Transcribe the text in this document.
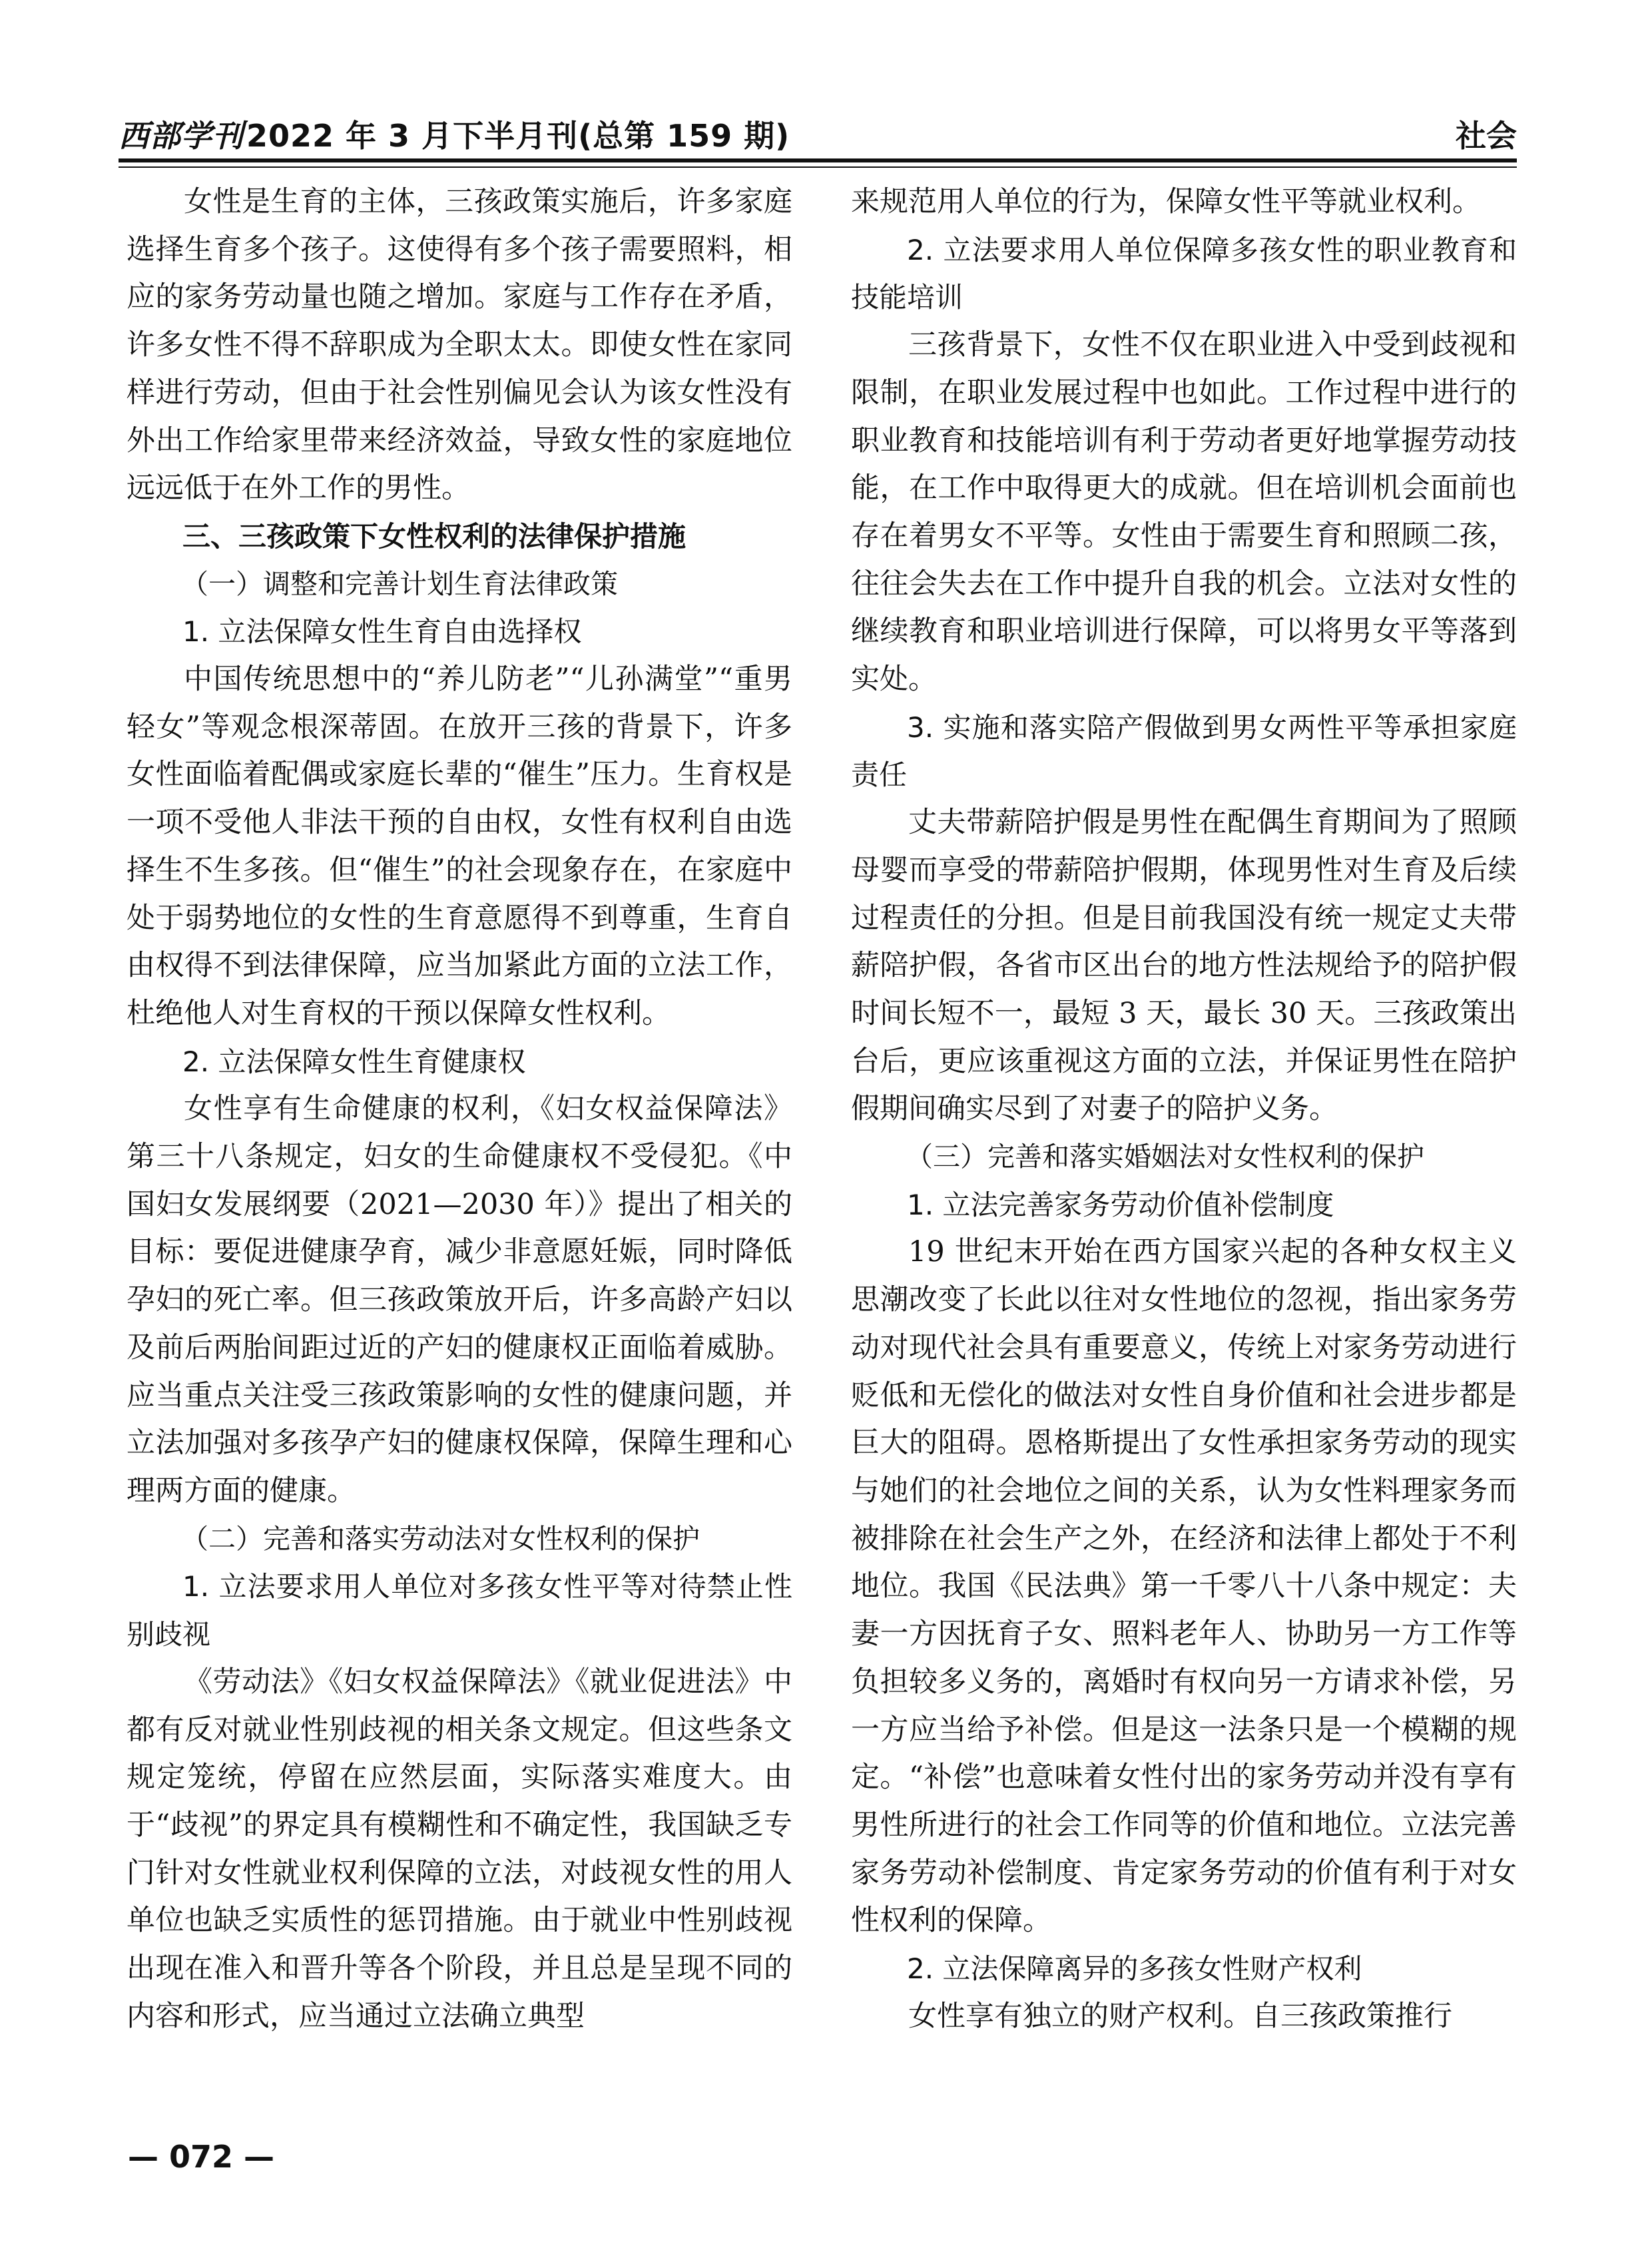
西部学刊2022 年 3 月下半月刊(总第 159 期)	社会

女性是生育的主体，三孩政策实施后，许多家庭选择生育多个孩子。这使得有多个孩子需要照料，相应的家务劳动量也随之增加。家庭与工作存在矛盾，许多女性不得不辞职成为全职太太。即使女性在家同样进行劳动，但由于社会性别偏见会认为该女性没有外出工作给家里带来经济效益，导致女性的家庭地位远远低于在外工作的男性。

三、三孩政策下女性权利的法律保护措施

（一）调整和完善计划生育法律政策

1. 立法保障女性生育自由选择权

中国传统思想中的“养儿防老”“儿孙满堂”“重男轻女”等观念根深蒂固。在放开三孩的背景下，许多女性面临着配偶或家庭长辈的“催生”压力。生育权是一项不受他人非法干预的自由权，女性有权利自由选择生不生多孩。但“催生”的社会现象存在，在家庭中处于弱势地位的女性的生育意愿得不到尊重，生育自由权得不到法律保障，应当加紧此方面的立法工作，杜绝他人对生育权的干预以保障女性权利。

2. 立法保障女性生育健康权

女性享有生命健康的权利，《妇女权益保障法》第三十八条规定，妇女的生命健康权不受侵犯。《中国妇女发展纲要（2021—2030 年）》提出了相关的目标：要促进健康孕育，减少非意愿妊娠，同时降低孕妇的死亡率。但三孩政策放开后，许多高龄产妇以及前后两胎间距过近的产妇的健康权正面临着威胁。应当重点关注受三孩政策影响的女性的健康问题，并立法加强对多孩孕产妇的健康权保障，保障生理和心理两方面的健康。

（二）完善和落实劳动法对女性权利的保护

1. 立法要求用人单位对多孩女性平等对待禁止性别歧视

《劳动法》《妇女权益保障法》《就业促进法》中都有反对就业性别歧视的相关条文规定。但这些条文规定笼统，停留在应然层面，实际落实难度大。由于“歧视”的界定具有模糊性和不确定性，我国缺乏专门针对女性就业权利保障的立法，对歧视女性的用人单位也缺乏实质性的惩罚措施。由于就业中性别歧视出现在准入和晋升等各个阶段，并且总是呈现不同的内容和形式，应当通过立法确立典型

来规范用人单位的行为，保障女性平等就业权利。

2. 立法要求用人单位保障多孩女性的职业教育和技能培训

三孩背景下，女性不仅在职业进入中受到歧视和限制，在职业发展过程中也如此。工作过程中进行的职业教育和技能培训有利于劳动者更好地掌握劳动技能，在工作中取得更大的成就。但在培训机会面前也存在着男女不平等。女性由于需要生育和照顾二孩，往往会失去在工作中提升自我的机会。立法对女性的继续教育和职业培训进行保障，可以将男女平等落到实处。

3. 实施和落实陪产假做到男女两性平等承担家庭责任

丈夫带薪陪护假是男性在配偶生育期间为了照顾母婴而享受的带薪陪护假期，体现男性对生育及后续过程责任的分担。但是目前我国没有统一规定丈夫带薪陪护假，各省市区出台的地方性法规给予的陪护假时间长短不一，最短 3 天，最长 30 天。三孩政策出台后，更应该重视这方面的立法，并保证男性在陪护假期间确实尽到了对妻子的陪护义务。

（三）完善和落实婚姻法对女性权利的保护

1. 立法完善家务劳动价值补偿制度

19 世纪末开始在西方国家兴起的各种女权主义思潮改变了长此以往对女性地位的忽视，指出家务劳动对现代社会具有重要意义，传统上对家务劳动进行贬低和无偿化的做法对女性自身价值和社会进步都是巨大的阻碍。恩格斯提出了女性承担家务劳动的现实与她们的社会地位之间的关系，认为女性料理家务而被排除在社会生产之外，在经济和法律上都处于不利地位。我国《民法典》第一千零八十八条中规定：夫妻一方因抚育子女、照料老年人、协助另一方工作等负担较多义务的，离婚时有权向另一方请求补偿，另一方应当给予补偿。但是这一法条只是一个模糊的规定。“补偿”也意味着女性付出的家务劳动并没有享有男性所进行的社会工作同等的价值和地位。立法完善家务劳动补偿制度、肯定家务劳动的价值有利于对女性权利的保障。

2. 立法保障离异的多孩女性财产权利

女性享有独立的财产权利。自三孩政策推行

— 072 —
